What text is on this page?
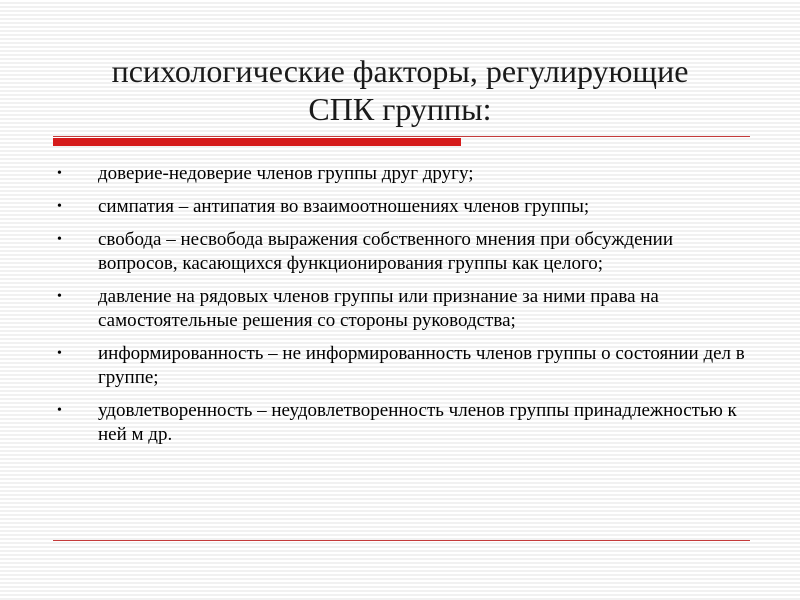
психологические факторы, регулирующие
СПК группы:
• доверие-недоверие членов группы друг другу;
• симпатия – антипатия во взаимоотношениях членов группы;
• свобода – несвобода выражения собственного мнения при обсуждении вопросов, касающихся функционирования группы как целого;
• давление на рядовых членов группы или признание за ними права на самостоятельные решения со стороны руководства;
• информированность – не информированность членов группы о состоянии дел в группе;
• удовлетворенность – неудовлетворенность членов группы принадлежностью к ней м др.
